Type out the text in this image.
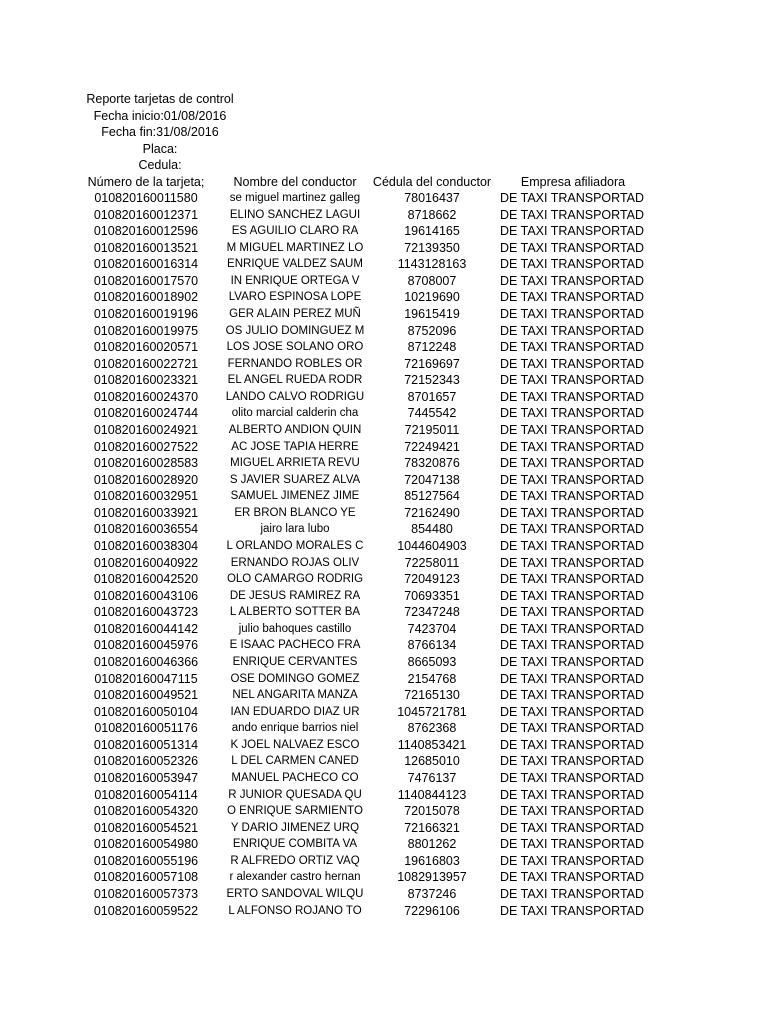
Reporte tarjetas de control
Fecha inicio:01/08/2016
Fecha fin:31/08/2016
Placa:
Cedula:
Número de la tarjeta;	Nombre del conductor	Cédula del conductor	Empresa afiliadora
010820160011580	se miguel martinez galleg	78016437	DE TAXI TRANSPORTAD
010820160012371	ELINO SANCHEZ LAGUI	8718662	DE TAXI TRANSPORTAD
010820160012596	ES AGUILIO CLARO RA	19614165	DE TAXI TRANSPORTAD
010820160013521	M MIGUEL MARTINEZ LO	72139350	DE TAXI TRANSPORTAD
010820160016314	ENRIQUE VALDEZ SAUM	1143128163	DE TAXI TRANSPORTAD
010820160017570	IN ENRIQUE ORTEGA V	8708007	DE TAXI TRANSPORTAD
010820160018902	LVARO ESPINOSA LOPE	10219690	DE TAXI TRANSPORTAD
010820160019196	GER ALAIN PEREZ MUÑ	19615419	DE TAXI TRANSPORTAD
010820160019975	OS JULIO DOMINGUEZ M	8752096	DE TAXI TRANSPORTAD
010820160020571	LOS JOSE SOLANO ORO	8712248	DE TAXI TRANSPORTAD
010820160022721	FERNANDO ROBLES OR	72169697	DE TAXI TRANSPORTAD
010820160023321	EL ANGEL RUEDA RODR	72152343	DE TAXI TRANSPORTAD
010820160024370	LANDO CALVO RODRIGU	8701657	DE TAXI TRANSPORTAD
010820160024744	olito marcial calderin cha	7445542	DE TAXI TRANSPORTAD
010820160024921	ALBERTO ANDION QUIN	72195011	DE TAXI TRANSPORTAD
010820160027522	AC JOSE TAPIA HERRE	72249421	DE TAXI TRANSPORTAD
010820160028583	MIGUEL ARRIETA REVU	78320876	DE TAXI TRANSPORTAD
010820160028920	S JAVIER SUAREZ ALVA	72047138	DE TAXI TRANSPORTAD
010820160032951	SAMUEL JIMENEZ JIME	85127564	DE TAXI TRANSPORTAD
010820160033921	ER BRON BLANCO YE	72162490	DE TAXI TRANSPORTAD
010820160036554	jairo lara lubo	854480	DE TAXI TRANSPORTAD
010820160038304	L ORLANDO MORALES C	1044604903	DE TAXI TRANSPORTAD
010820160040922	ERNANDO ROJAS OLIV	72258011	DE TAXI TRANSPORTAD
010820160042520	OLO CAMARGO RODRIG	72049123	DE TAXI TRANSPORTAD
010820160043106	DE JESUS RAMIREZ RA	70693351	DE TAXI TRANSPORTAD
010820160043723	L ALBERTO SOTTER BA	72347248	DE TAXI TRANSPORTAD
010820160044142	julio bahoques castillo	7423704	DE TAXI TRANSPORTAD
010820160045976	E ISAAC PACHECO FRA	8766134	DE TAXI TRANSPORTAD
010820160046366	ENRIQUE CERVANTES	8665093	DE TAXI TRANSPORTAD
010820160047115	OSE DOMINGO GOMEZ	2154768	DE TAXI TRANSPORTAD
010820160049521	NEL ANGARITA MANZA	72165130	DE TAXI TRANSPORTAD
010820160050104	IAN EDUARDO DIAZ UR	1045721781	DE TAXI TRANSPORTAD
010820160051176	ando enrique barrios niel	8762368	DE TAXI TRANSPORTAD
010820160051314	K JOEL NALVAEZ ESCO	1140853421	DE TAXI TRANSPORTAD
010820160052326	L DEL CARMEN CANED	12685010	DE TAXI TRANSPORTAD
010820160053947	MANUEL PACHECO CO	7476137	DE TAXI TRANSPORTAD
010820160054114	R JUNIOR QUESADA QU	1140844123	DE TAXI TRANSPORTAD
010820160054320	O ENRIQUE SARMIENTO	72015078	DE TAXI TRANSPORTAD
010820160054521	Y DARIO JIMENEZ URQ	72166321	DE TAXI TRANSPORTAD
010820160054980	ENRIQUE COMBITA VA	8801262	DE TAXI TRANSPORTAD
010820160055196	R ALFREDO ORTIZ VAQ	19616803	DE TAXI TRANSPORTAD
010820160057108	r alexander castro hernan	1082913957	DE TAXI TRANSPORTAD
010820160057373	ERTO SANDOVAL WILQU	8737246	DE TAXI TRANSPORTAD
010820160059522	L ALFONSO ROJANO TO	72296106	DE TAXI TRANSPORTAD
